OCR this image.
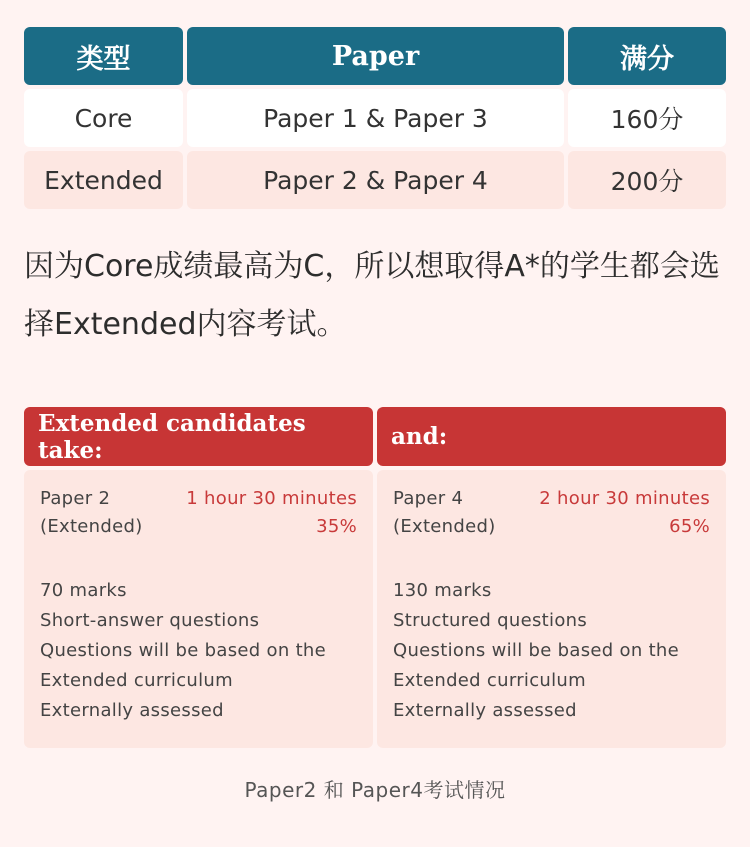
类型	Paper	满分
Core	Paper 1 & Paper 3	160分
Extended	Paper 2 & Paper 4	200分

因为Core成绩最高为C，所以想取得A*的学生都会选择Extended内容考试。

Extended candidates take:
Paper 2
(Extended)
1 hour 30 minutes
35%
70 marks
Short-answer questions
Questions will be based on the
Extended curriculum
Externally assessed
and:
Paper 4
(Extended)
2 hour 30 minutes
65%
130 marks
Structured questions
Questions will be based on the
Extended curriculum
Externally assessed
Paper2 和 Paper4考试情况
